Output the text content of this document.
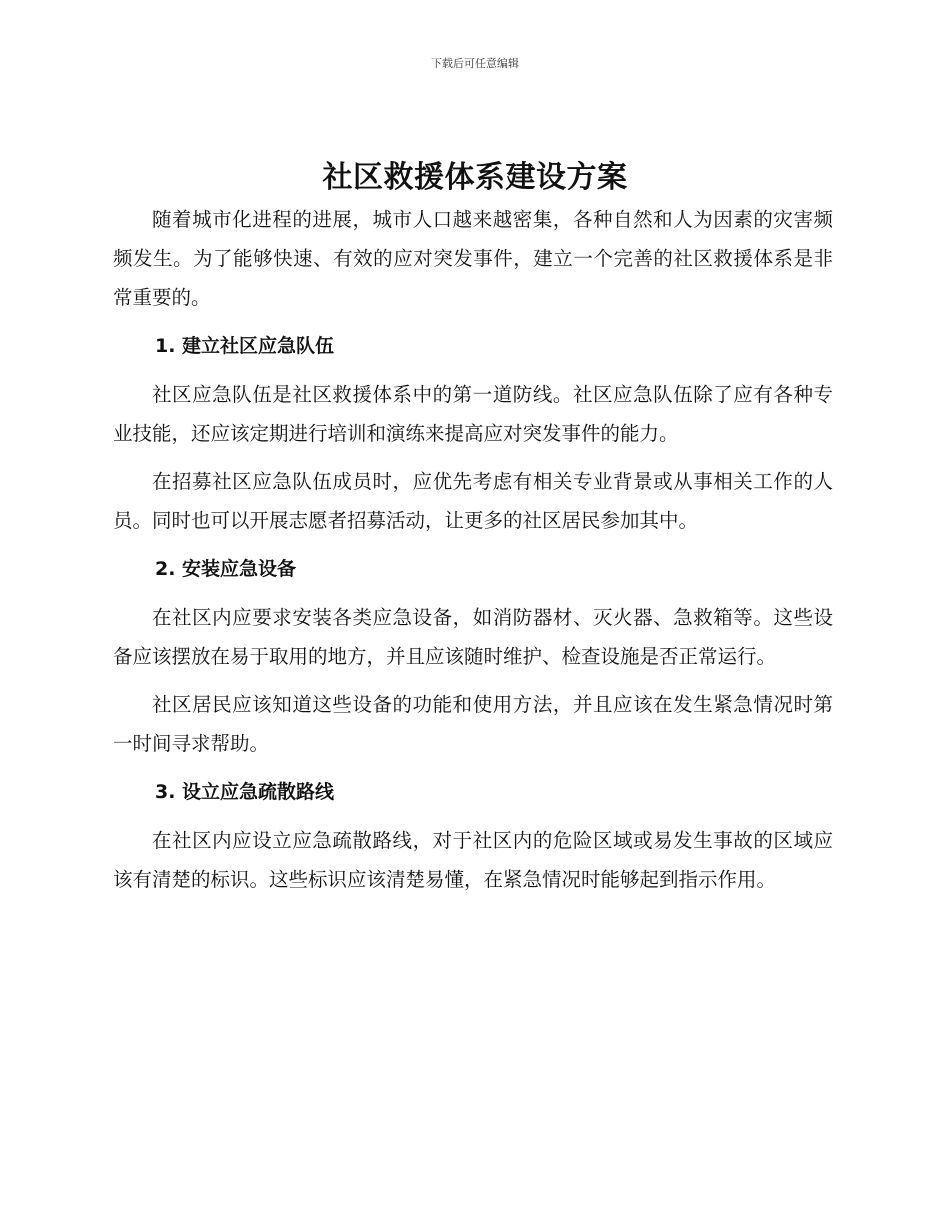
下载后可任意编辑
社区救援体系建设方案

随着城市化进程的进展，城市人口越来越密集，各种自然和人为因素的灾害频频发生。为了能够快速、有效的应对突发事件，建立一个完善的社区救援体系是非常重要的。

1. 建立社区应急队伍

社区应急队伍是社区救援体系中的第一道防线。社区应急队伍除了应有各种专业技能，还应该定期进行培训和演练来提高应对突发事件的能力。

在招募社区应急队伍成员时，应优先考虑有相关专业背景或从事相关工作的人员。同时也可以开展志愿者招募活动，让更多的社区居民参加其中。

2. 安装应急设备

在社区内应要求安装各类应急设备，如消防器材、灭火器、急救箱等。这些设备应该摆放在易于取用的地方，并且应该随时维护、检查设施是否正常运行。

社区居民应该知道这些设备的功能和使用方法，并且应该在发生紧急情况时第一时间寻求帮助。

3. 设立应急疏散路线

在社区内应设立应急疏散路线，对于社区内的危险区域或易发生事故的区域应该有清楚的标识。这些标识应该清楚易懂，在紧急情况时能够起到指示作用。
